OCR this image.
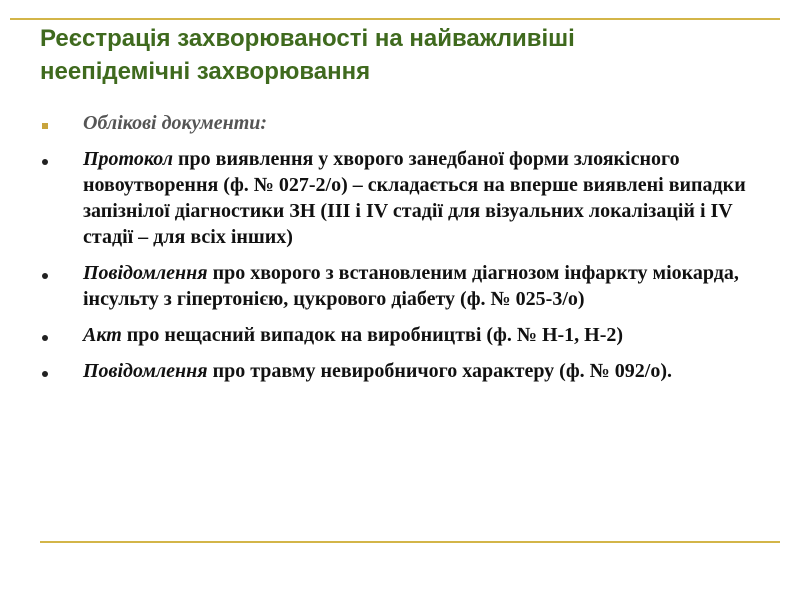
Реєстрація захворюваності на найважливіші
неепідемічні захворювання
Облікові документи:
Протокол про виявлення у хворого занедбаної форми злоякісного новоутворення (ф. № 027-2/о) – складається на вперше виявлені випадки запізнілої діагностики ЗН (ІІІ і IV стадії для візуальних локалізацій і IV стадії – для всіх інших)
Повідомлення про хворого з встановленим діагнозом інфаркту міокарда, інсульту з гіпертонією, цукрового діабету (ф. № 025-3/о)
Акт про нещасний випадок на виробництві (ф. № Н-1, Н-2)
Повідомлення про травму невиробничого характеру (ф. № 092/о).
